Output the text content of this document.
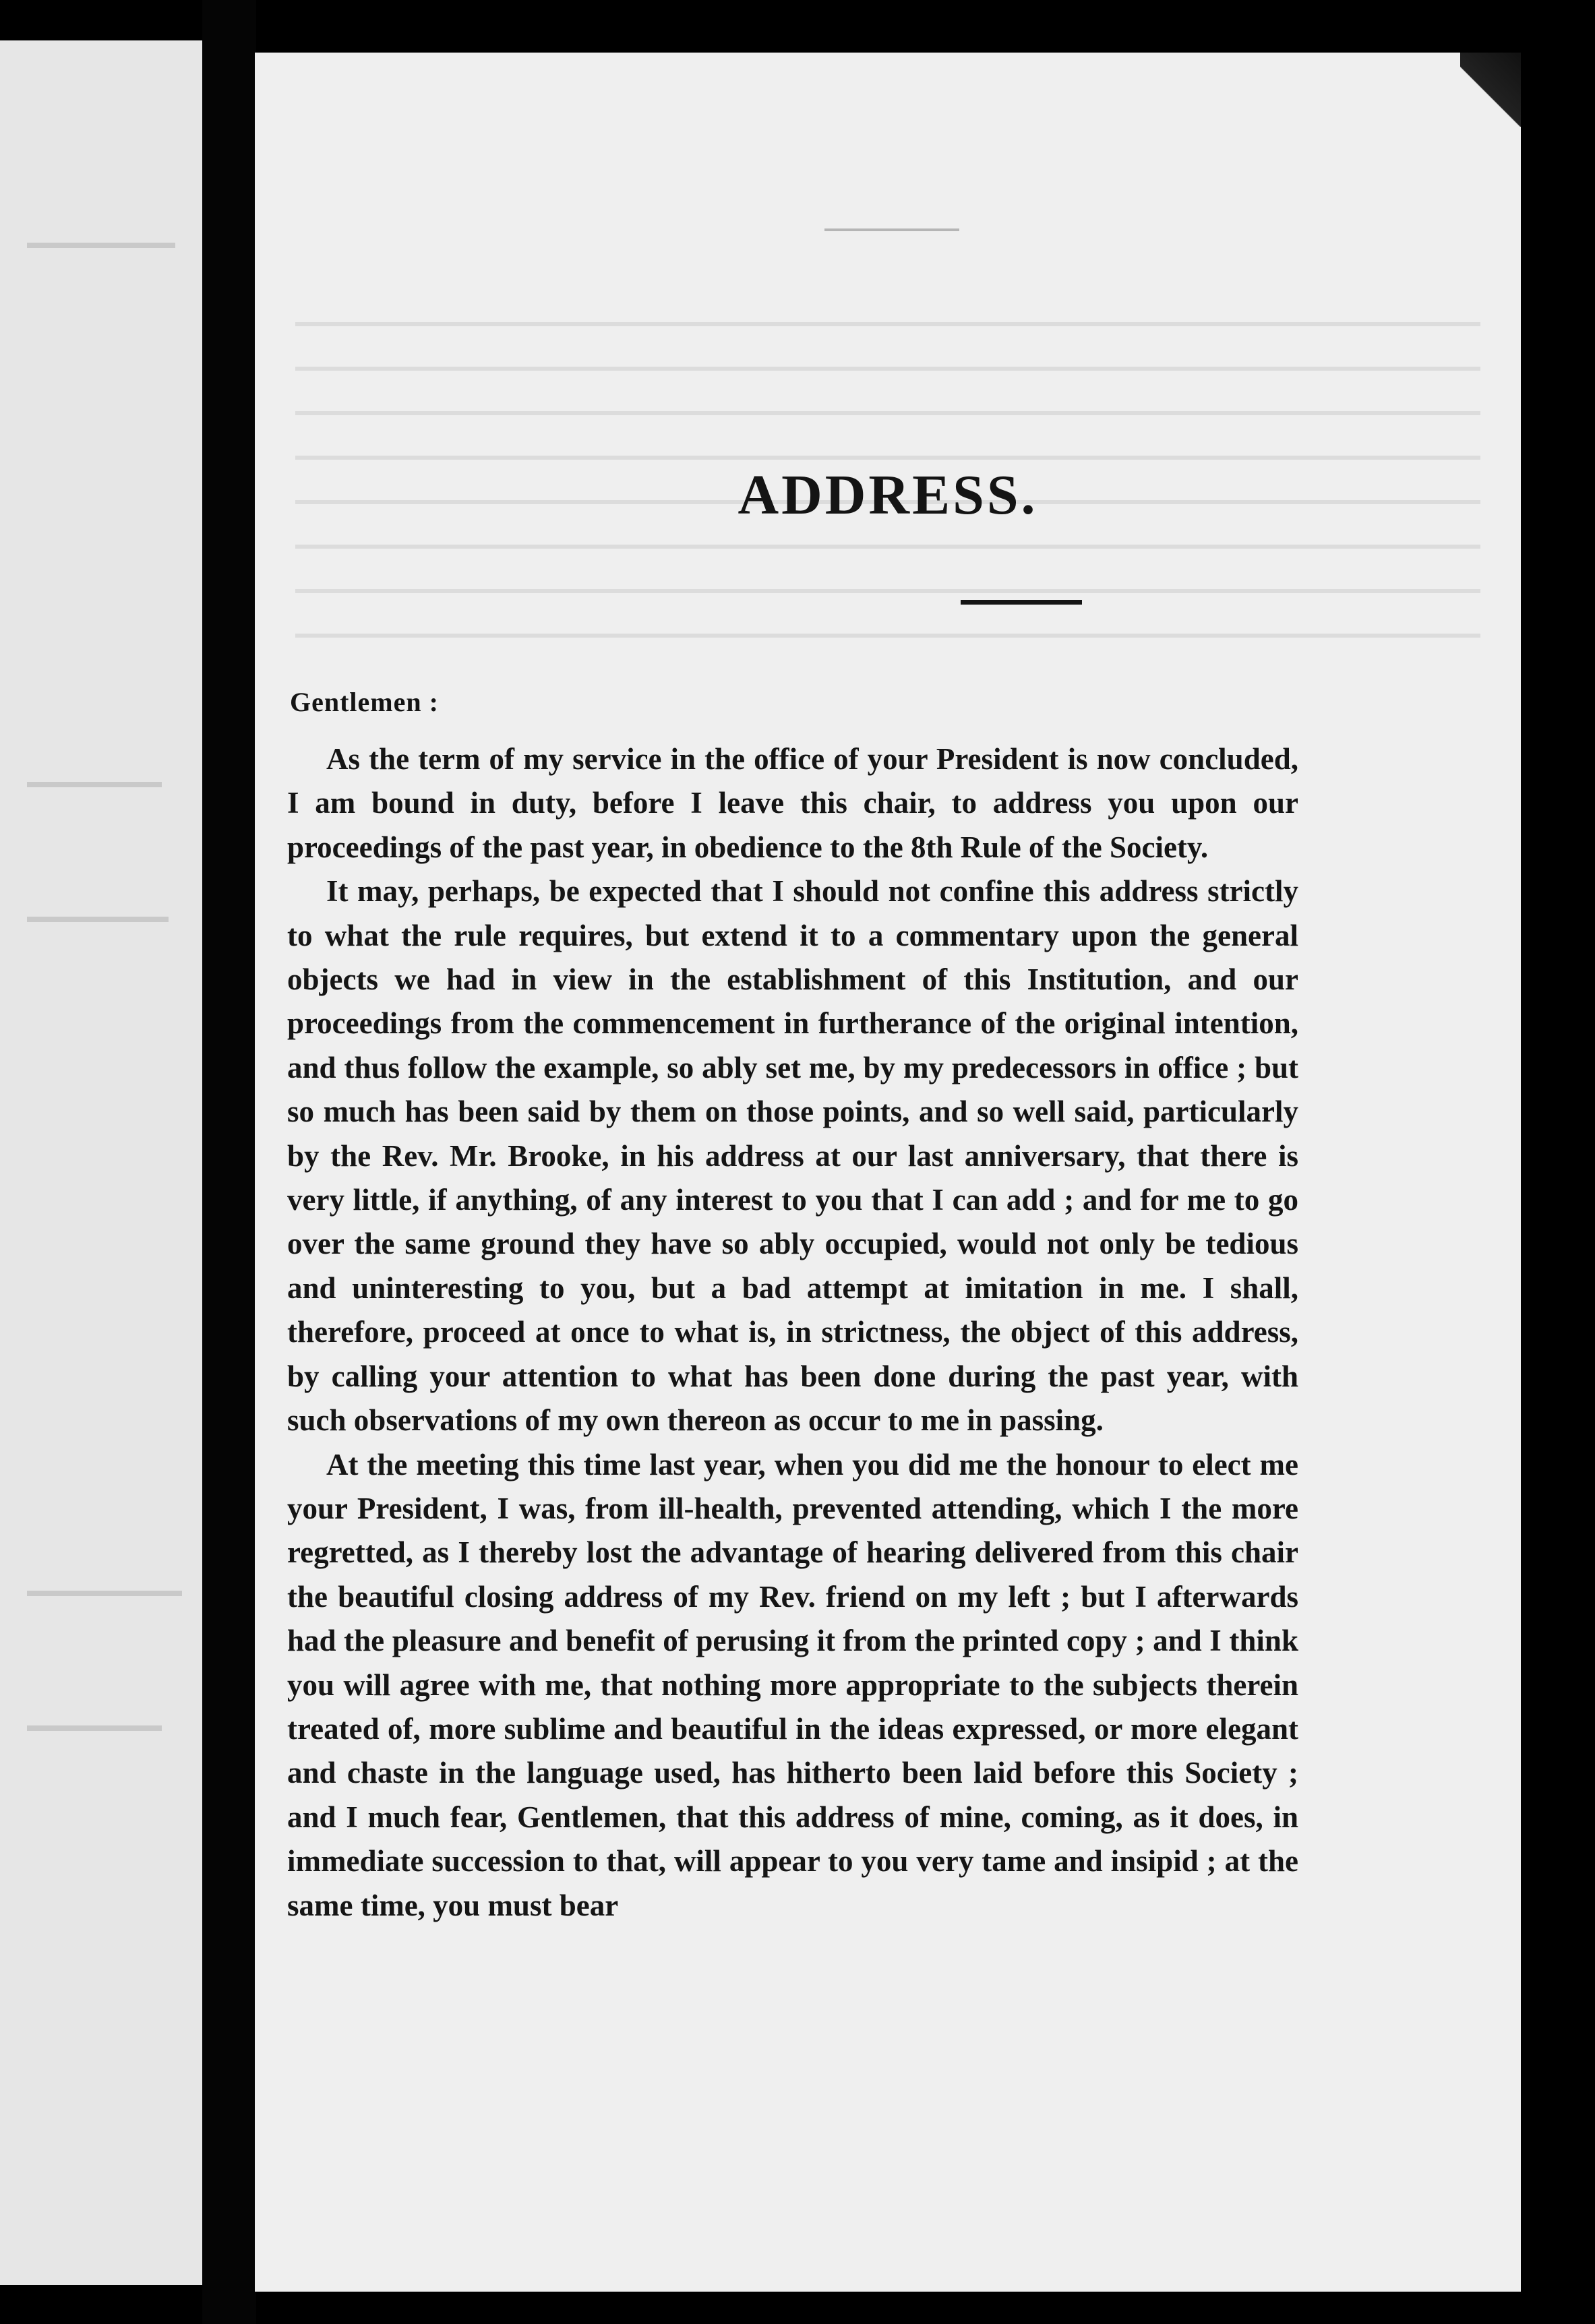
ADDRESS.

Gentlemen :

As the term of my service in the office of your President is now concluded, I am bound in duty, before I leave this chair, to address you upon our proceedings of the past year, in obedience to the 8th Rule of the Society.

It may, perhaps, be expected that I should not confine this address strictly to what the rule requires, but extend it to a commentary upon the general objects we had in view in the establishment of this Institution, and our proceedings from the commencement in furtherance of the original intention, and thus follow the example, so ably set me, by my predecessors in office ; but so much has been said by them on those points, and so well said, particularly by the Rev. Mr. Brooke, in his address at our last anniversary, that there is very little, if anything, of any interest to you that I can add ; and for me to go over the same ground they have so ably occupied, would not only be tedious and uninteresting to you, but a bad attempt at imitation in me. I shall, therefore, proceed at once to what is, in strictness, the object of this address, by calling your attention to what has been done during the past year, with such observations of my own thereon as occur to me in passing.

At the meeting this time last year, when you did me the honour to elect me your President, I was, from ill-health, prevented attending, which I the more regretted, as I thereby lost the advantage of hearing delivered from this chair the beautiful closing address of my Rev. friend on my left ; but I afterwards had the pleasure and benefit of perusing it from the printed copy ; and I think you will agree with me, that nothing more appropriate to the subjects therein treated of, more sublime and beautiful in the ideas expressed, or more elegant and chaste in the language used, has hitherto been laid before this Society ; and I much fear, Gentlemen, that this address of mine, coming, as it does, in immediate succession to that, will appear to you very tame and insipid ; at the same time, you must bear
